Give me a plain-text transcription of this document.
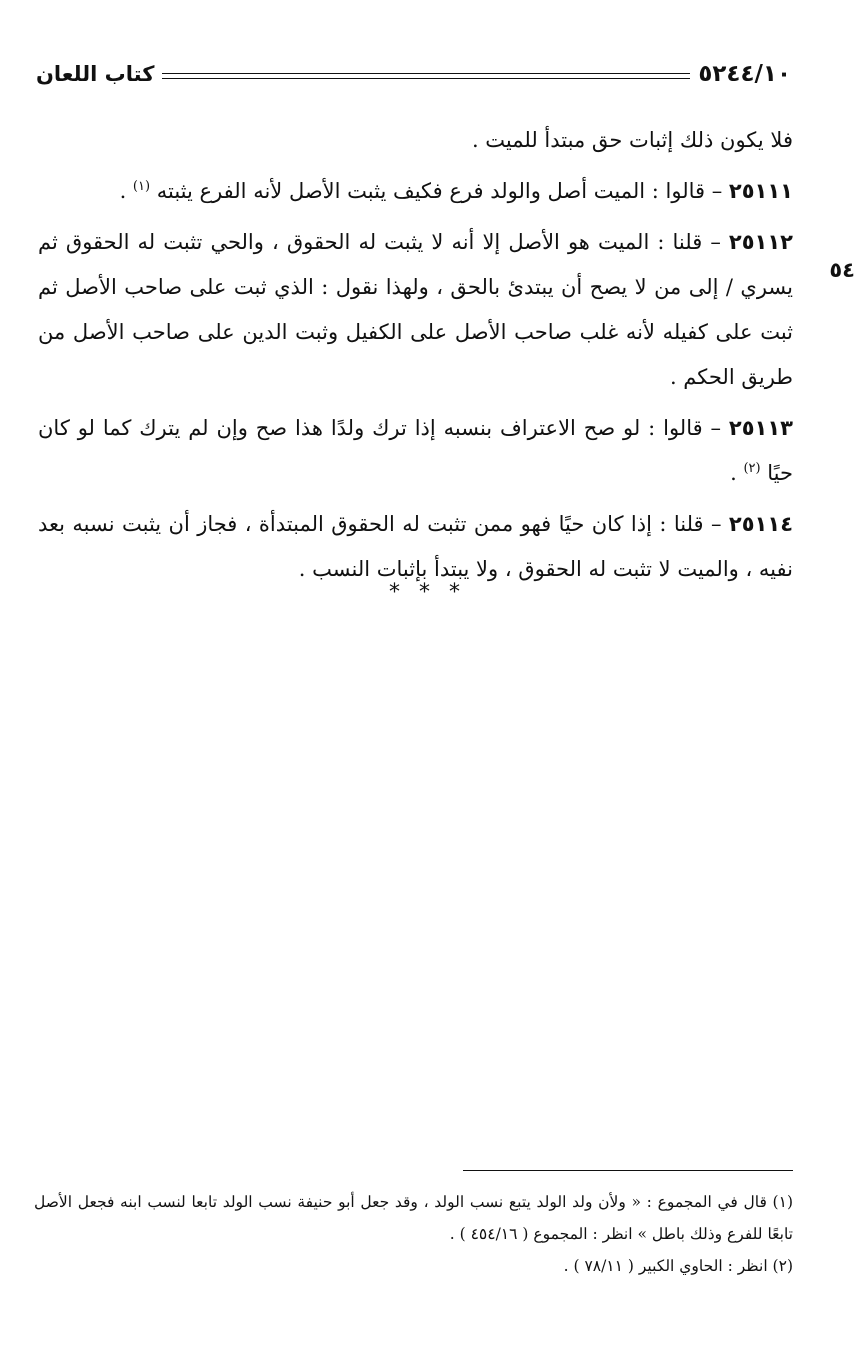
٥٢٤٤/١٠
كتاب اللعان
٥٤

فلا يكون ذلك إثبات حق مبتدأ للميت .

٢٥١١١ – قالوا : الميت أصل والولد فرع فكيف يثبت الأصل لأنه الفرع يثبته $^{(١)}$ .

٢٥١١٢ – قلنا : الميت هو الأصل إلا أنه لا يثبت له الحقوق ، والحي تثبت له الحقوق ثم يسري / إلى من لا يصح أن يبتدئ بالحق ، ولهذا نقول : الذي ثبت على صاحب الأصل ثم ثبت على كفيله لأنه غلب صاحب الأصل على الكفيل وثبت الدين على صاحب الأصل من طريق الحكم .

٢٥١١٣ – قالوا : لو صح الاعتراف بنسبه إذا ترك ولدًا هذا صح وإن لم يترك كما لو كان حيًا $^{(٢)}$ .

٢٥١١٤ – قلنا : إذا كان حيًا فهو ممن تثبت له الحقوق المبتدأة ، فجاز أن يثبت نسبه بعد نفيه ، والميت لا تثبت له الحقوق ، ولا يبتدأ بإثبات النسب .

* * *

(١) قال في المجموع : « ولأن ولد الولد يتبع نسب الولد ، وقد جعل أبو حنيفة نسب الولد تابعا لنسب ابنه فجعل الأصل تابعًا للفرع وذلك باطل » انظر : المجموع ( ٤٥٤/١٦ ) .

(٢) انظر : الحاوي الكبير ( ٧٨/١١ ) .
